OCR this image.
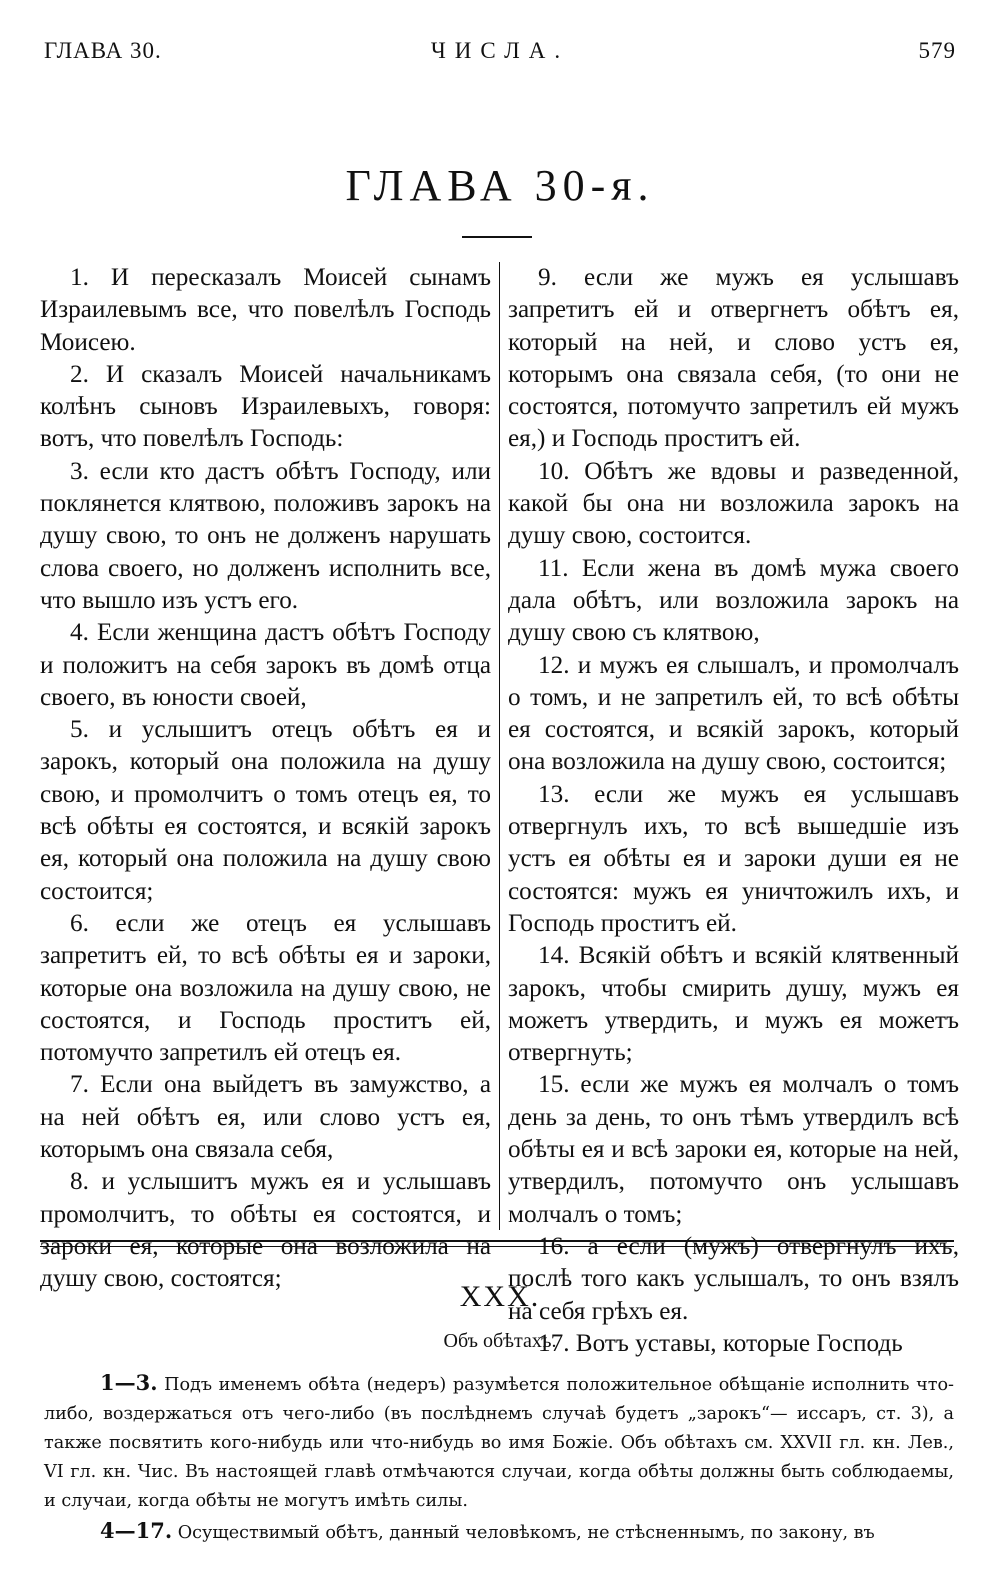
ГЛАВА 30.	ЧИСЛА.	579
ГЛАВА 30-я.

1. И пересказалъ Моисей сынамъ Израилевымъ все, что повелѣлъ Господь Моисею.

2. И сказалъ Моисей начальникамъ колѣнъ сыновъ Израилевыхъ, говоря: вотъ, что повелѣлъ Господь:

3. если кто дастъ обѣтъ Господу, или поклянется клятвою, положивъ зарокъ на душу свою, то онъ не долженъ нарушать слова своего, но долженъ исполнить все, что вышло изъ устъ его.

4. Если женщина дастъ обѣтъ Господу и положитъ на себя зарокъ въ домѣ отца своего, въ юности своей,

5. и услышитъ отецъ обѣтъ ея и зарокъ, который она положила на душу свою, и промолчитъ о томъ отецъ ея, то всѣ обѣты ея состоятся, и всякій зарокъ ея, который она положила на душу свою состоится;

6. если же отецъ ея услышавъ запретитъ ей, то всѣ обѣты ея и зароки, которые она возложила на душу свою, не состоятся, и Господь проститъ ей, потомучто запретилъ ей отецъ ея.

7. Если она выйдетъ въ замужство, а на ней обѣтъ ея, или слово устъ ея, которымъ она связала себя,

8. и услышитъ мужъ ея и услышавъ промолчитъ, то обѣты ея состоятся, и зароки ея, которые она возложила на душу свою, состоятся;

9. если же мужъ ея услышавъ запретитъ ей и отвергнетъ обѣтъ ея, который на ней, и слово устъ ея, которымъ она связала себя, (то они не состоятся, потомучто запретилъ ей мужъ ея,) и Господь проститъ ей.

10. Обѣтъ же вдовы и разведенной, какой бы она ни возложила зарокъ на душу свою, состоится.

11. Если жена въ домѣ мужа своего дала обѣтъ, или возложила зарокъ на душу свою съ клятвою,

12. и мужъ ея слышалъ, и промолчалъ о томъ, и не запретилъ ей, то всѣ обѣты ея состоятся, и всякій зарокъ, который она возложила на душу свою, состоится;

13. если же мужъ ея услышавъ отвергнулъ ихъ, то всѣ вышедшіе изъ устъ ея обѣты ея и зароки души ея не состоятся: мужъ ея уничтожилъ ихъ, и Господь проститъ ей.

14. Всякій обѣтъ и всякій клятвенный зарокъ, чтобы смирить душу, мужъ ея можетъ утвердить, и мужъ ея можетъ отвергнуть;

15. если же мужъ ея молчалъ о томъ день за день, то онъ тѣмъ утвердилъ всѣ обѣты ея и всѣ зароки ея, которые на ней, утвердилъ, потомучто онъ услышавъ молчалъ о томъ;

16. а если (мужъ) отвергнулъ ихъ, послѣ того какъ услышалъ, то онъ взялъ на себя грѣхъ ея.

17. Вотъ уставы, которые Господь

XXX.
Объ обѣтахъ.

1—3. Подъ именемъ обѣта (недеръ) разумѣется положительное обѣщаніе исполнить что-либо, воздержаться отъ чего-либо (въ послѣднемъ случаѣ будетъ „зарокъ“— иссаръ, ст. 3), а также посвятить кого-нибудь или что-нибудь во имя Божіе. Объ обѣтахъ см. XXVII гл. кн. Лев., VI гл. кн. Чис. Въ настоящей главѣ отмѣчаются случаи, когда обѣты должны быть соблюдаемы, и случаи, когда обѣты не могутъ имѣть силы.

4—17. Осуществимый обѣтъ, данный человѣкомъ, не стѣсненнымъ, по закону, въ
